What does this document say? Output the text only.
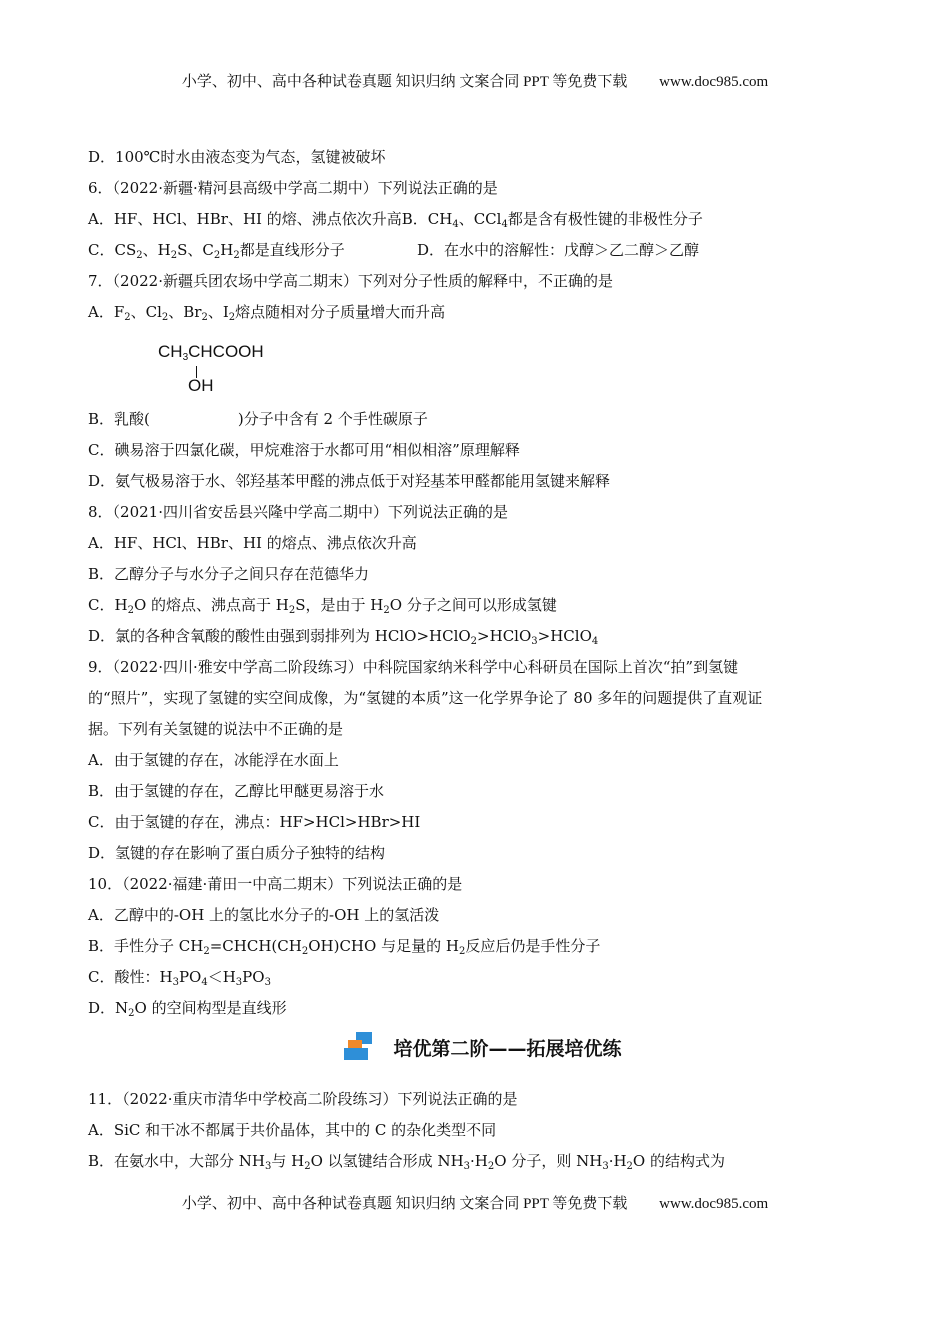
小学、初中、高中各种试卷真题 知识归纳 文案合同 PPT 等免费下载 www.doc985.com
D．100℃时水由液态变为气态，氢键被破坏
6．（2022·新疆·精河县高级中学高二期中）下列说法正确的是
A．HF、HCl、HBr、HI 的熔、沸点依次升高B．$CH_4$、CCl$_4$都是含有极性键的非极性分子
C．$CS_2$、$H_2S$、$C_2H_2$都是直线形分子	D．在水中的溶解性：戊醇＞乙二醇＞乙醇
7．（2022·新疆兵团农场中学高二期末）下列对分子性质的解释中，不正确的是
A．$F_2$、$Cl_2$、$Br_2$、$I_2$熔点随相对分子质量增大而升高
$CH_3CHCOOH$
OH
B．乳酸(	)分子中含有 2 个手性碳原子
C．碘易溶于四氯化碳，甲烷难溶于水都可用“相似相溶”原理解释
D．氨气极易溶于水、邻羟基苯甲醛的沸点低于对羟基苯甲醛都能用氢键来解释
8．（2021·四川省安岳县兴隆中学高二期中）下列说法正确的是
A．HF、HCl、HBr、HI 的熔点、沸点依次升高
B．乙醇分子与水分子之间只存在范德华力
C．$H_2O$ 的熔点、沸点高于 $H_2S$，是由于 $H_2O$ 分子之间可以形成氢键
D．氯的各种含氧酸的酸性由强到弱排列为 HClO>HClO$_2$>HClO$_3$>HClO$_4$
9．（2022·四川·雅安中学高二阶段练习）中科院国家纳米科学中心科研员在国际上首次“拍”到氢键
的“照片”，实现了氢键的实空间成像，为“氢键的本质”这一化学界争论了 80 多年的问题提供了直观证
据。下列有关氢键的说法中不正确的是
A．由于氢键的存在，冰能浮在水面上
B．由于氢键的存在，乙醇比甲醚更易溶于水
C．由于氢键的存在，沸点：HF>HCl>HBr>HI
D．氢键的存在影响了蛋白质分子独特的结构
10．（2022·福建·莆田一中高二期末）下列说法正确的是
A．乙醇中的-OH 上的氢比水分子的-OH 上的氢活泼
B．手性分子 $CH_2=CHCH(CH_2OH)CHO$ 与足量的 $H_2$反应后仍是手性分子
C．酸性：$H_3PO_4<H_3PO_3$
D．$N_2O$ 的空间构型是直线形
培优第二阶——拓展培优练
11．（2022·重庆市清华中学校高二阶段练习）下列说法正确的是
A．SiC 和干冰不都属于共价晶体，其中的 C 的杂化类型不同
B．在氨水中，大部分 $NH_3$与 $H_2O$ 以氢键结合形成 $NH_3\cdot H_2O$ 分子，则 $NH_3\cdot H_2O$ 的结构式为
小学、初中、高中各种试卷真题 知识归纳 文案合同 PPT 等免费下载 www.doc985.com
